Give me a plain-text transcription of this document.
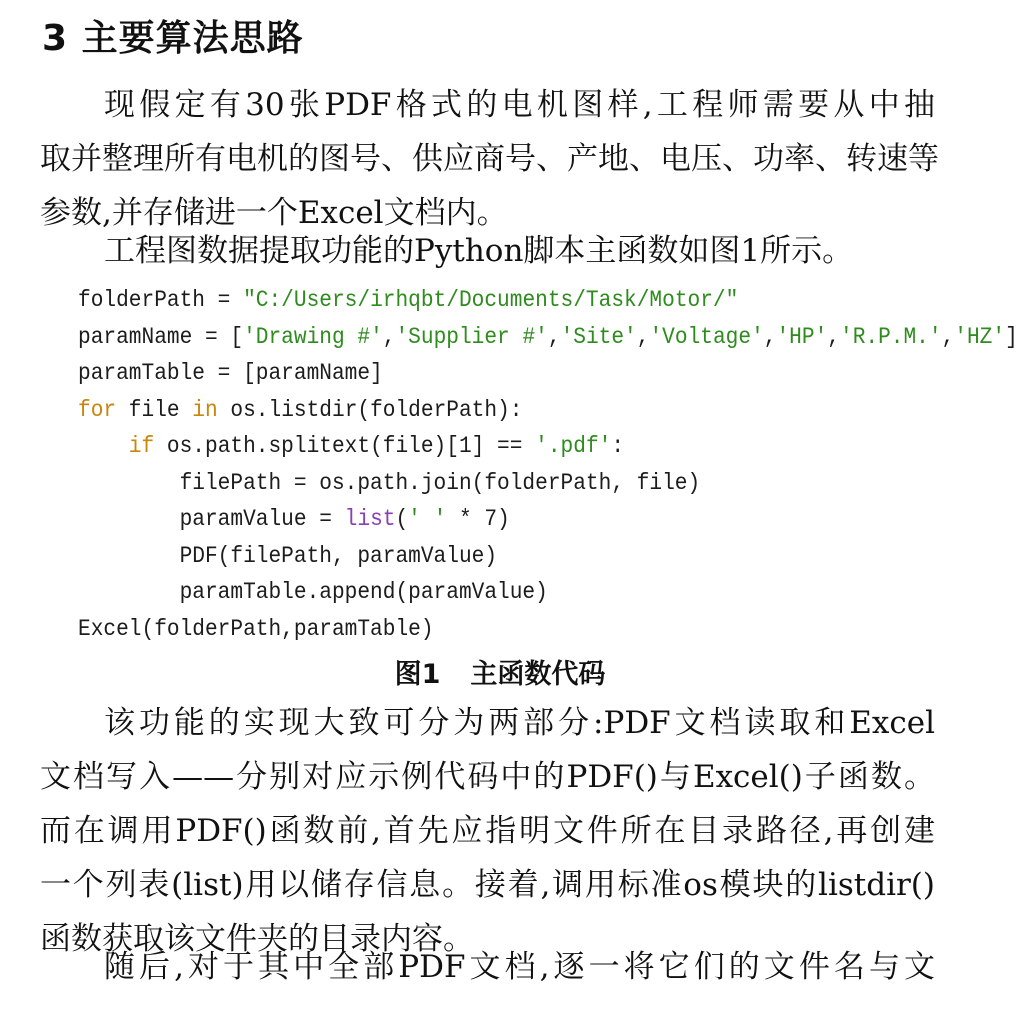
3 主要算法思路
现假定有30张PDF格式的电机图样,工程师需要从中抽
取并整理所有电机的图号、供应商号、产地、电压、功率、转速等
参数,并存储进一个Excel文档内。
工程图数据提取功能的Python脚本主函数如图1所示。
folderPath = "C:/Users/irhqbt/Documents/Task/Motor/"
paramName = ['Drawing #','Supplier #','Site','Voltage','HP','R.P.M.','HZ']
paramTable = [paramName]
for file in os.listdir(folderPath):
if os.path.splitext(file)[1] == '.pdf':
filePath = os.path.join(folderPath, file)
paramValue = list(' ' * 7)
PDF(filePath, paramValue)
paramTable.append(paramValue)
Excel(folderPath,paramTable)

图1 主函数代码

该功能的实现大致可分为两部分:PDF文档读取和Excel
文档写入——分别对应示例代码中的PDF()与Excel()子函数。
而在调用PDF()函数前,首先应指明文件所在目录路径,再创建
一个列表(list)用以储存信息。接着,调用标准os模块的listdir()
函数获取该文件夹的目录内容。
随后,对于其中全部PDF文档,逐一将它们的文件名与文
